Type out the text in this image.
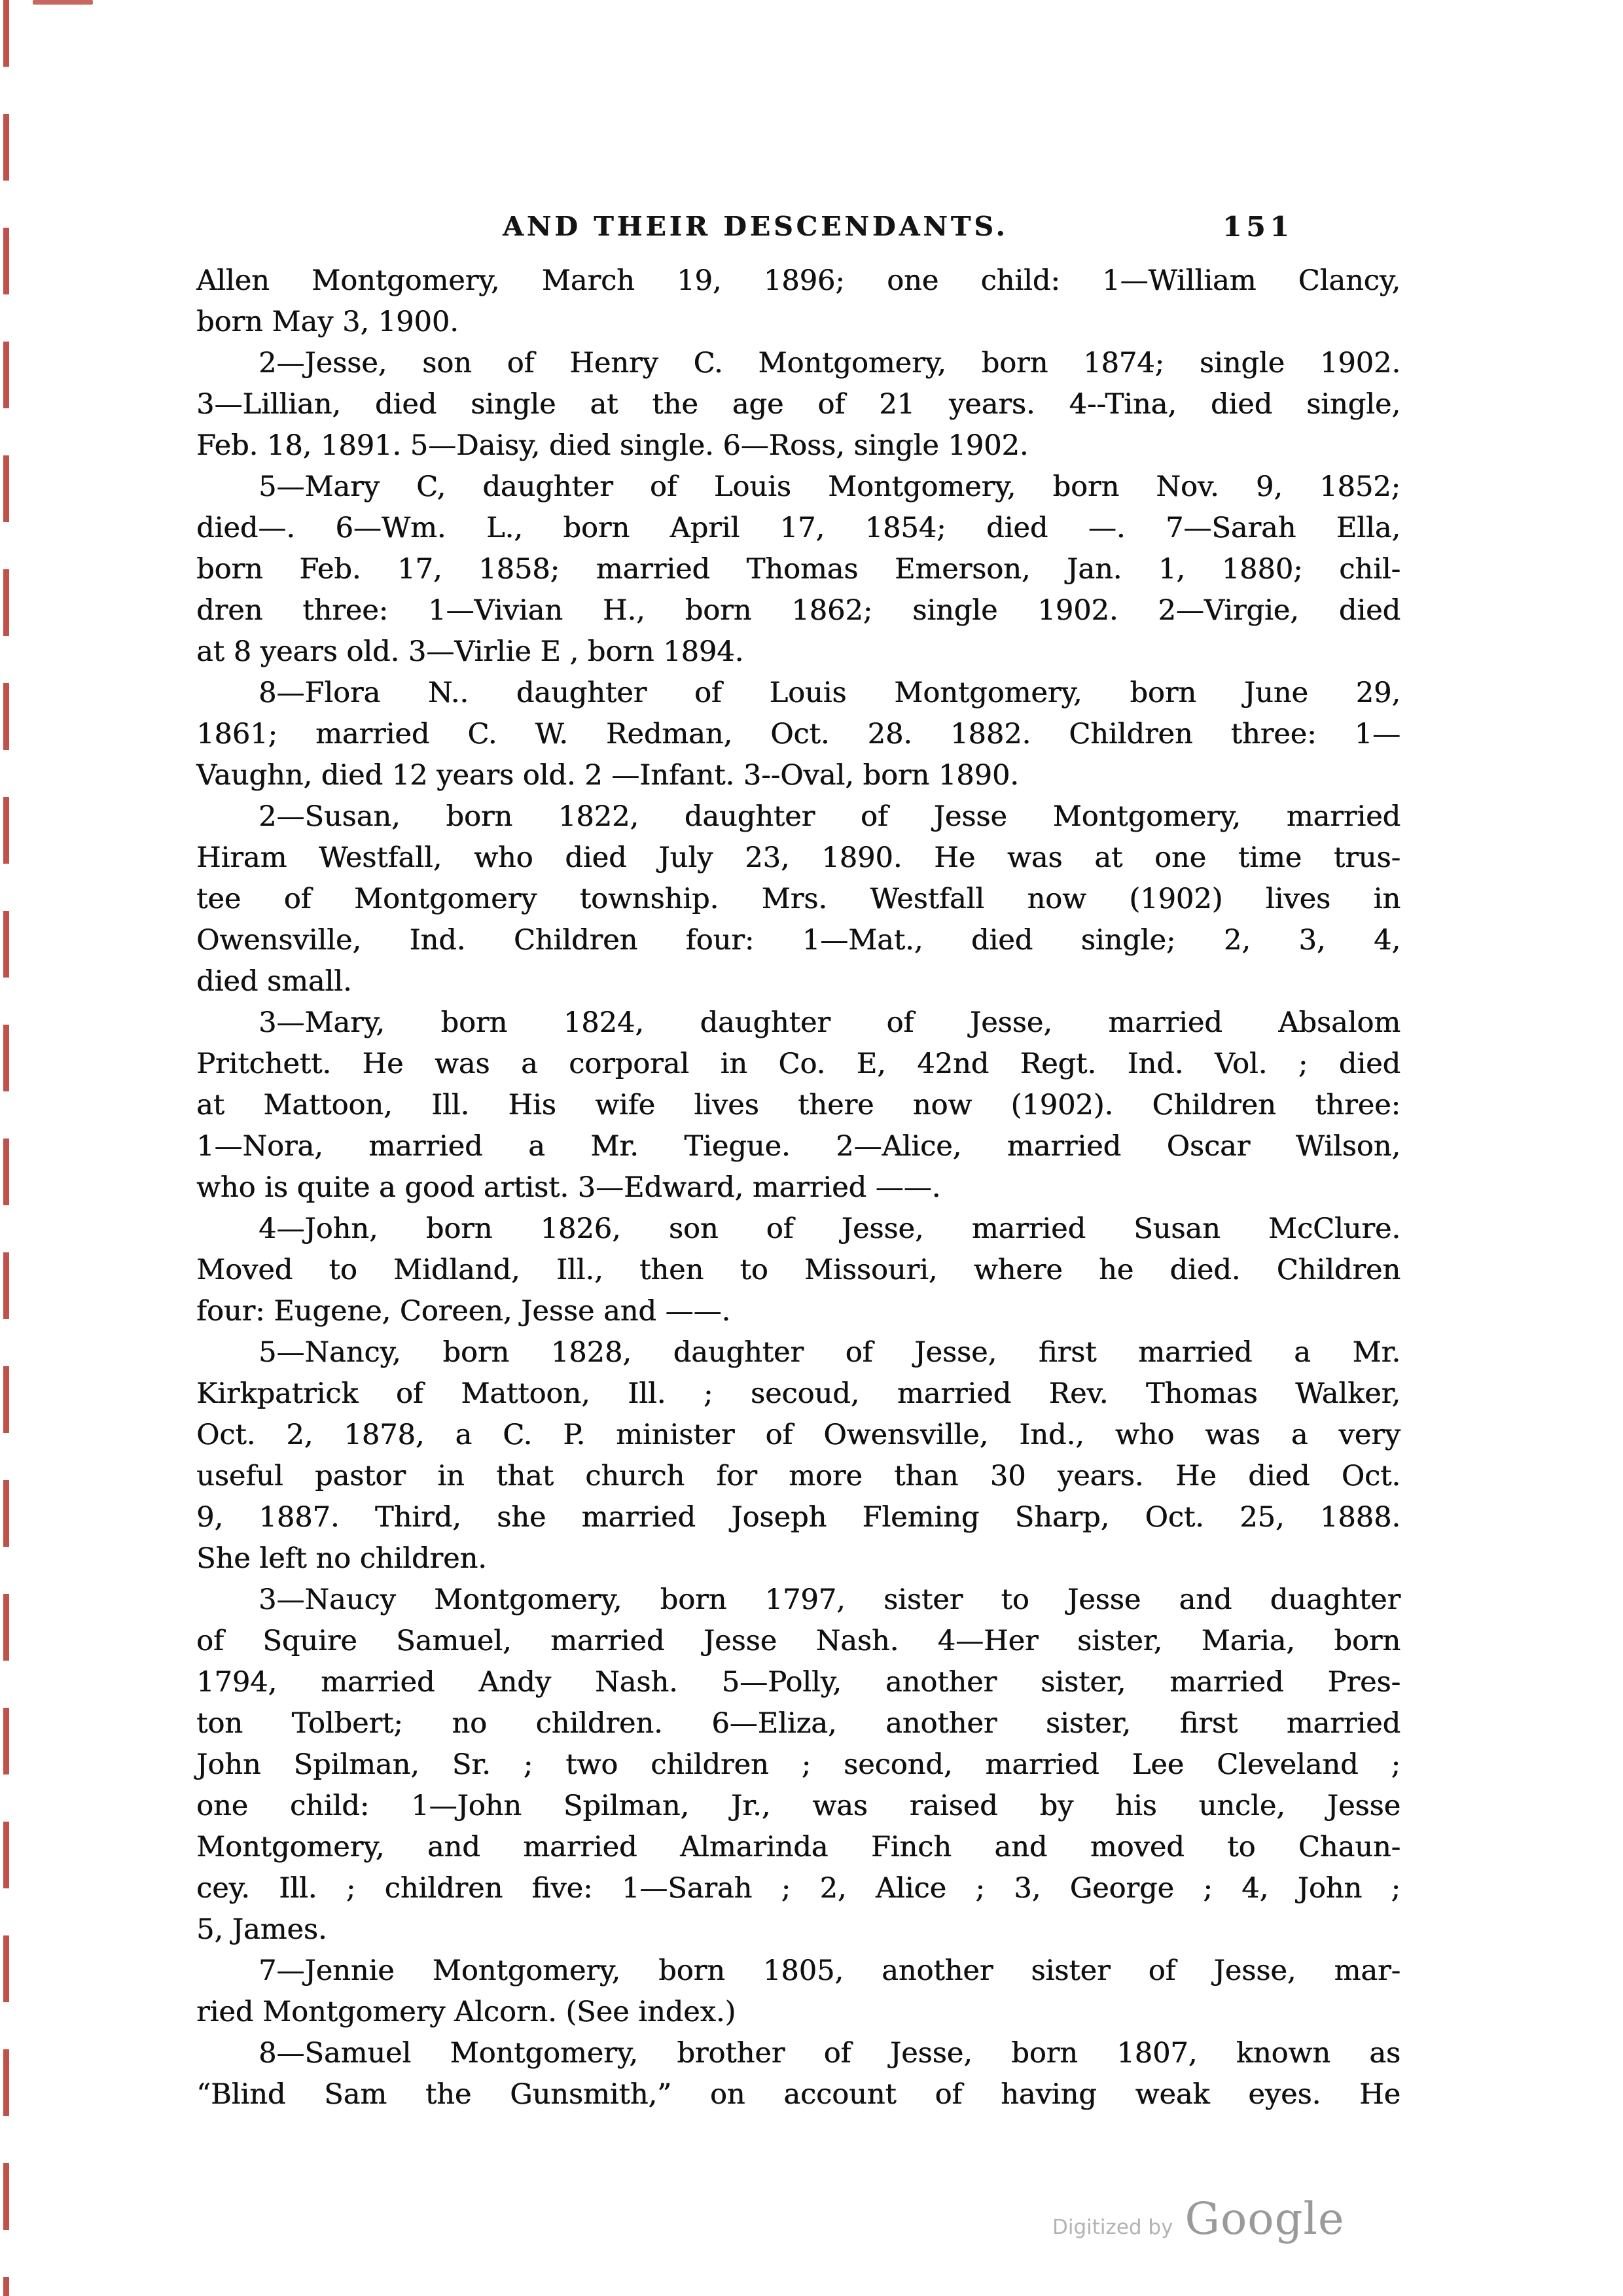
AND THEIR DESCENDANTS.	151
Allen Montgomery, March 19, 1896; one child: 1—William Clancy,
born May 3, 1900.
2—Jesse, son of Henry C. Montgomery, born 1874; single 1902.
3—Lillian, died single at the age of 21 years. 4--Tina, died single,
Feb. 18, 1891. 5—Daisy, died single. 6—Ross, single 1902.
5—Mary C, daughter of Louis Montgomery, born Nov. 9, 1852;
died—. 6—Wm. L., born April 17, 1854; died —. 7—Sarah Ella,
born Feb. 17, 1858; married Thomas Emerson, Jan. 1, 1880; chil-
dren three: 1—Vivian H., born 1862; single 1902. 2—Virgie, died
at 8 years old. 3—Virlie E , born 1894.
8—Flora N.. daughter of Louis Montgomery, born June 29,
1861; married C. W. Redman, Oct. 28. 1882. Children three: 1—
Vaughn, died 12 years old. 2 —Infant. 3--Oval, born 1890.
2—Susan, born 1822, daughter of Jesse Montgomery, married
Hiram Westfall, who died July 23, 1890. He was at one time trus-
tee of Montgomery township. Mrs. Westfall now (1902) lives in
Owensville, Ind. Children four: 1—Mat., died single; 2, 3, 4,
died small.
3—Mary, born 1824, daughter of Jesse, married Absalom
Pritchett. He was a corporal in Co. E, 42nd Regt. Ind. Vol. ; died
at Mattoon, Ill. His wife lives there now (1902). Children three:
1—Nora, married a Mr. Tiegue. 2—Alice, married Oscar Wilson,
who is quite a good artist. 3—Edward, married ——.
4—John, born 1826, son of Jesse, married Susan McClure.
Moved to Midland, Ill., then to Missouri, where he died. Children
four: Eugene, Coreen, Jesse and ——.
5—Nancy, born 1828, daughter of Jesse, first married a Mr.
Kirkpatrick of Mattoon, Ill. ; secoud, married Rev. Thomas Walker,
Oct. 2, 1878, a C. P. minister of Owensville, Ind., who was a very
useful pastor in that church for more than 30 years. He died Oct.
9, 1887. Third, she married Joseph Fleming Sharp, Oct. 25, 1888.
She left no children.
3—Naucy Montgomery, born 1797, sister to Jesse and duaghter
of Squire Samuel, married Jesse Nash. 4—Her sister, Maria, born
1794, married Andy Nash. 5—Polly, another sister, married Pres-
ton Tolbert; no children. 6—Eliza, another sister, first married
John Spilman, Sr. ; two children ; second, married Lee Cleveland ;
one child: 1—John Spilman, Jr., was raised by his uncle, Jesse
Montgomery, and married Almarinda Finch and moved to Chaun-
cey. Ill. ; children five: 1—Sarah ; 2, Alice ; 3, George ; 4, John ;
5, James.
7—Jennie Montgomery, born 1805, another sister of Jesse, mar-
ried Montgomery Alcorn. (See index.)
8—Samuel Montgomery, brother of Jesse, born 1807, known as
“Blind Sam the Gunsmith,” on account of having weak eyes. He
Digitized by Google
